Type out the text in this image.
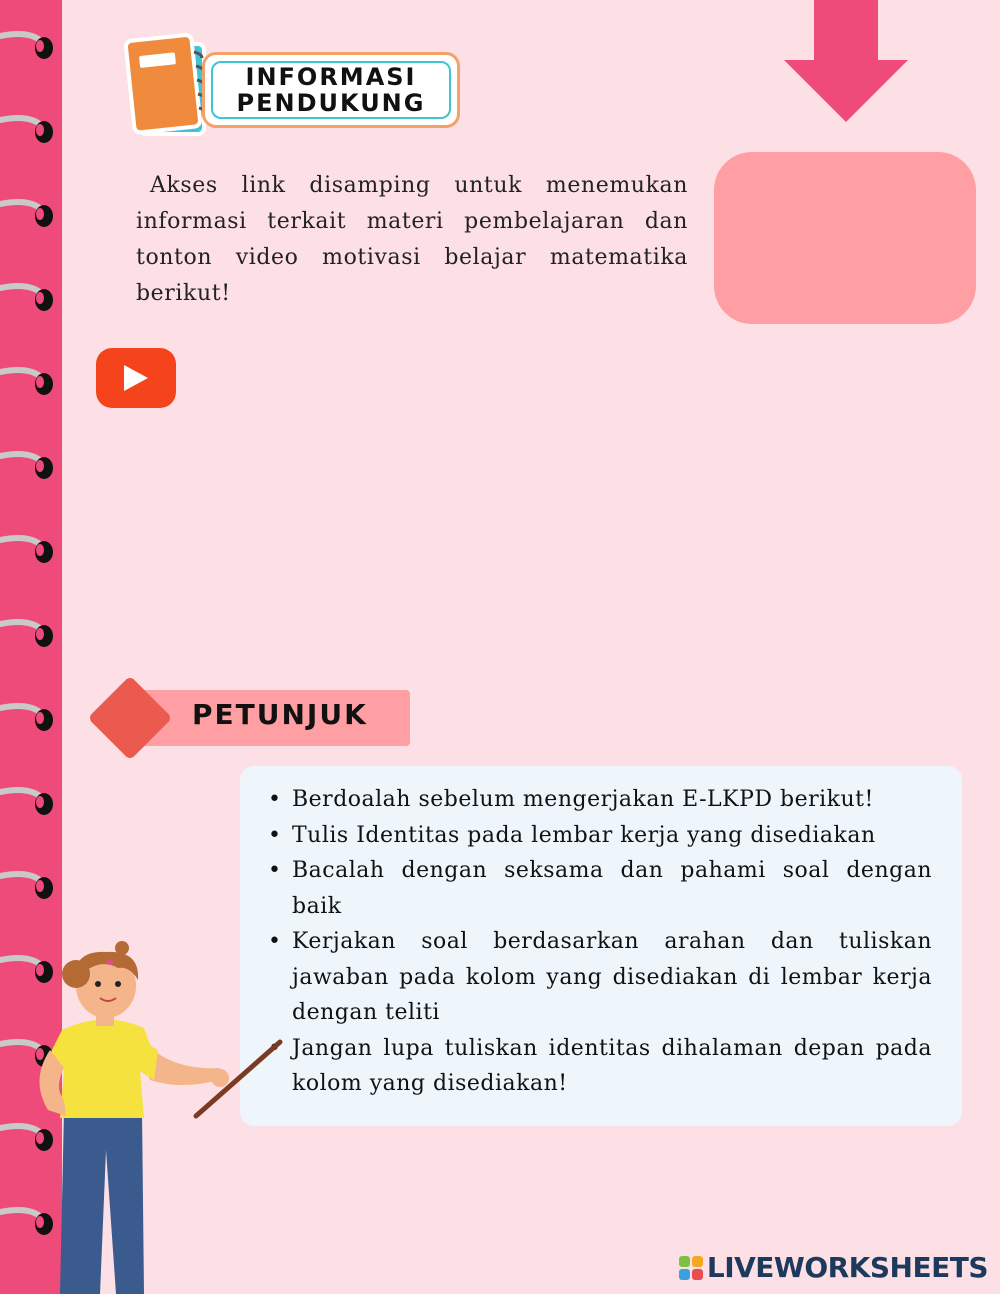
INFORMASI
PENDUKUNG
Akses link disamping untuk menemukan informasi terkait materi pembelajaran dan tonton video motivasi belajar matematika berikut!
PETUNJUK
• Berdoalah sebelum mengerjakan E-LKPD berikut!
• Tulis Identitas pada lembar kerja yang disediakan
• Bacalah dengan seksama dan pahami soal dengan baik
• Kerjakan soal berdasarkan arahan dan tuliskan jawaban pada kolom yang disediakan di lembar kerja dengan teliti
• Jangan lupa tuliskan identitas dihalaman depan pada kolom yang disediakan!
LIVEWORKSHEETS
